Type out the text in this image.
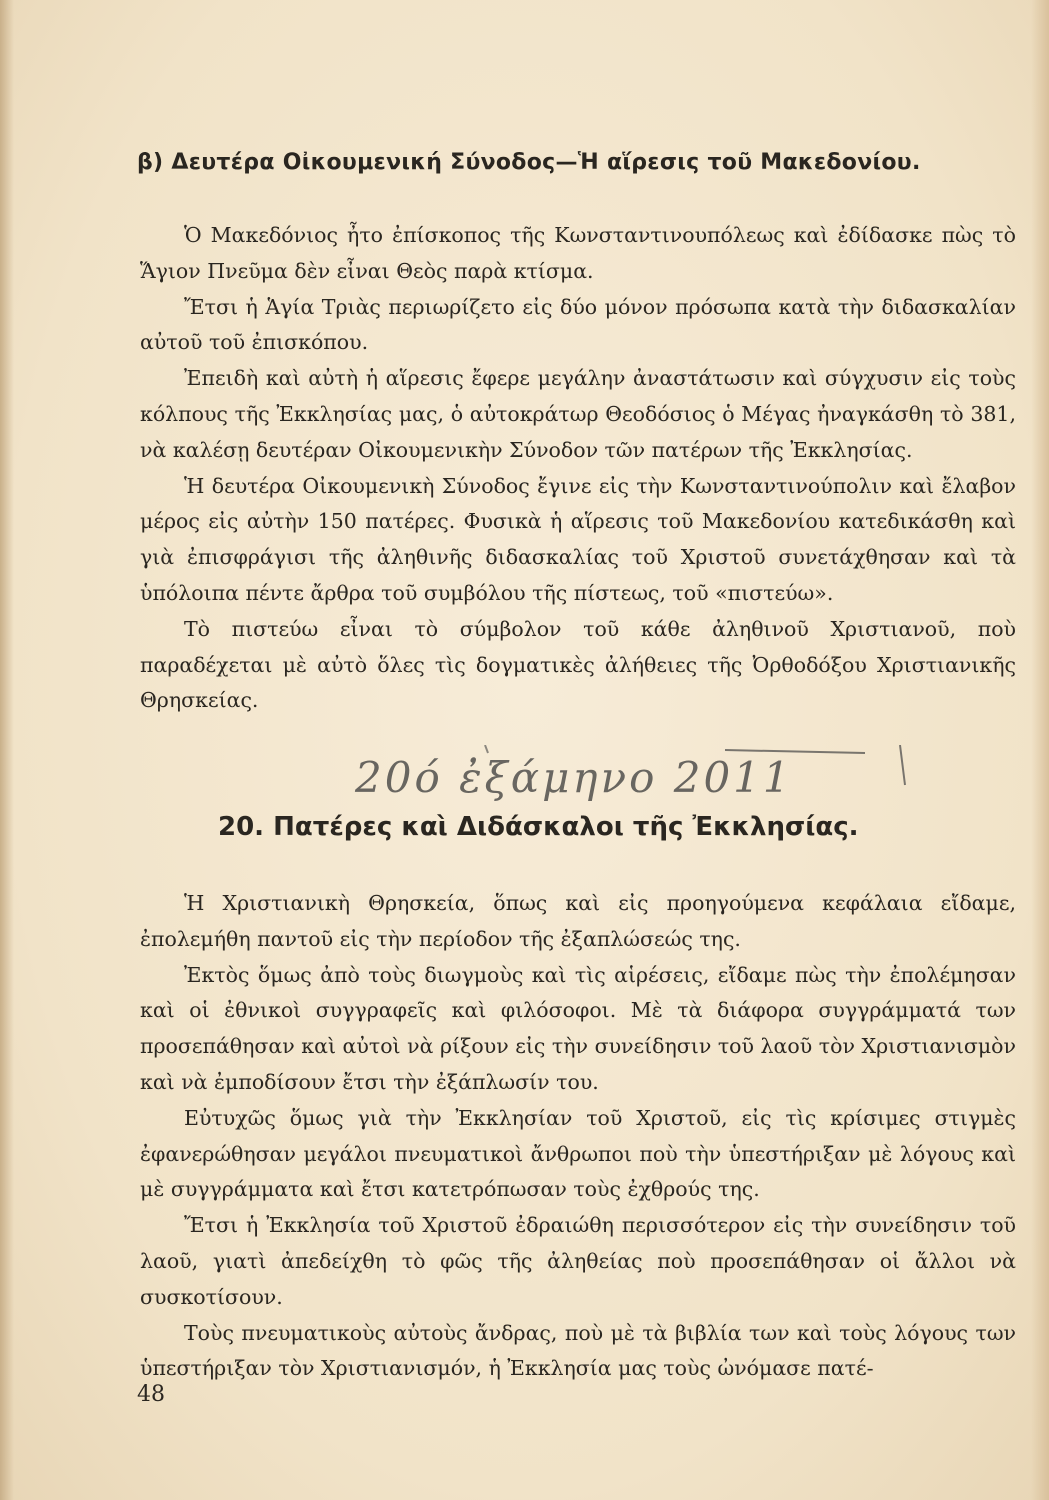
β) Δευτέρα Οἰκουμενική Σύνοδος—Ἡ αἵρεσις τοῦ Μακεδονίου.

Ὁ Μακεδόνιος ἦτο ἐπίσκοπος τῆς Κωνσταντινουπόλεως καὶ ἐδίδασκε πὼς τὸ Ἅγιον Πνεῦμα δὲν εἶναι Θεὸς παρὰ κτίσμα.

Ἔτσι ἡ Ἁγία Τριὰς περιωρίζετο εἰς δύο μόνον πρόσωπα κατὰ τὴν διδασκαλίαν αὐτοῦ τοῦ ἐπισκόπου.

Ἐπειδὴ καὶ αὐτὴ ἡ αἵρεσις ἔφερε μεγάλην ἀναστάτωσιν καὶ σύγχυσιν εἰς τοὺς κόλπους τῆς Ἐκκλησίας μας, ὁ αὐτοκράτωρ Θεοδόσιος ὁ Μέγας ἠναγκάσθη τὸ 381, νὰ καλέσῃ δευτέραν Οἰκουμενικὴν Σύνοδον τῶν πατέρων τῆς Ἐκκλησίας.

Ἡ δευτέρα Οἰκουμενικὴ Σύνοδος ἔγινε εἰς τὴν Κωνσταντινούπολιν καὶ ἔλαβον μέρος εἰς αὐτὴν 150 πατέρες. Φυσικὰ ἡ αἵρεσις τοῦ Μακεδονίου κατεδικάσθη καὶ γιὰ ἐπισφράγισι τῆς ἀληθινῆς διδασκαλίας τοῦ Χριστοῦ συνετάχθησαν καὶ τὰ ὑπόλοιπα πέντε ἄρθρα τοῦ συμβόλου τῆς πίστεως, τοῦ «πιστεύω».

Τὸ πιστεύω εἶναι τὸ σύμβολον τοῦ κάθε ἀληθινοῦ Χριστιανοῦ, ποὺ παραδέχεται μὲ αὐτὸ ὅλες τὶς δογματικὲς ἀλήθειες τῆς Ὀρθοδόξου Χριστιανικῆς Θρησκείας.

20ό ἐξάμηνο 2011
20. Πατέρες καὶ Διδάσκαλοι τῆς Ἐκκλησίας.

Ἡ Χριστιανικὴ Θρησκεία, ὅπως καὶ εἰς προηγούμενα κεφάλαια εἴδαμε, ἐπολεμήθη παντοῦ εἰς τὴν περίοδον τῆς ἐξαπλώσεώς της.

Ἐκτὸς ὅμως ἀπὸ τοὺς διωγμοὺς καὶ τὶς αἱρέσεις, εἴδαμε πὼς τὴν ἐπολέμησαν καὶ οἱ ἐθνικοὶ συγγραφεῖς καὶ φιλόσοφοι. Μὲ τὰ διάφορα συγγράμματά των προσεπάθησαν καὶ αὐτοὶ νὰ ρίξουν εἰς τὴν συνείδησιν τοῦ λαοῦ τὸν Χριστιανισμὸν καὶ νὰ ἐμποδίσουν ἔτσι τὴν ἐξάπλωσίν του.

Εὐτυχῶς ὅμως γιὰ τὴν Ἐκκλησίαν τοῦ Χριστοῦ, εἰς τὶς κρίσιμες στιγμὲς ἐφανερώθησαν μεγάλοι πνευματικοὶ ἄνθρωποι ποὺ τὴν ὑπεστήριξαν μὲ λόγους καὶ μὲ συγγράμματα καὶ ἔτσι κατετρόπωσαν τοὺς ἐχθρούς της.

Ἔτσι ἡ Ἐκκλησία τοῦ Χριστοῦ ἐδραιώθη περισσότερον εἰς τὴν συνείδησιν τοῦ λαοῦ, γιατὶ ἀπεδείχθη τὸ φῶς τῆς ἀληθείας ποὺ προσεπάθησαν οἱ ἄλλοι νὰ συσκοτίσουν.

Τοὺς πνευματικοὺς αὐτοὺς ἄνδρας, ποὺ μὲ τὰ βιβλία των καὶ τοὺς λόγους των ὑπεστήριξαν τὸν Χριστιανισμόν, ἡ Ἐκκλησία μας τοὺς ὠνόμασε πατέ-

48
